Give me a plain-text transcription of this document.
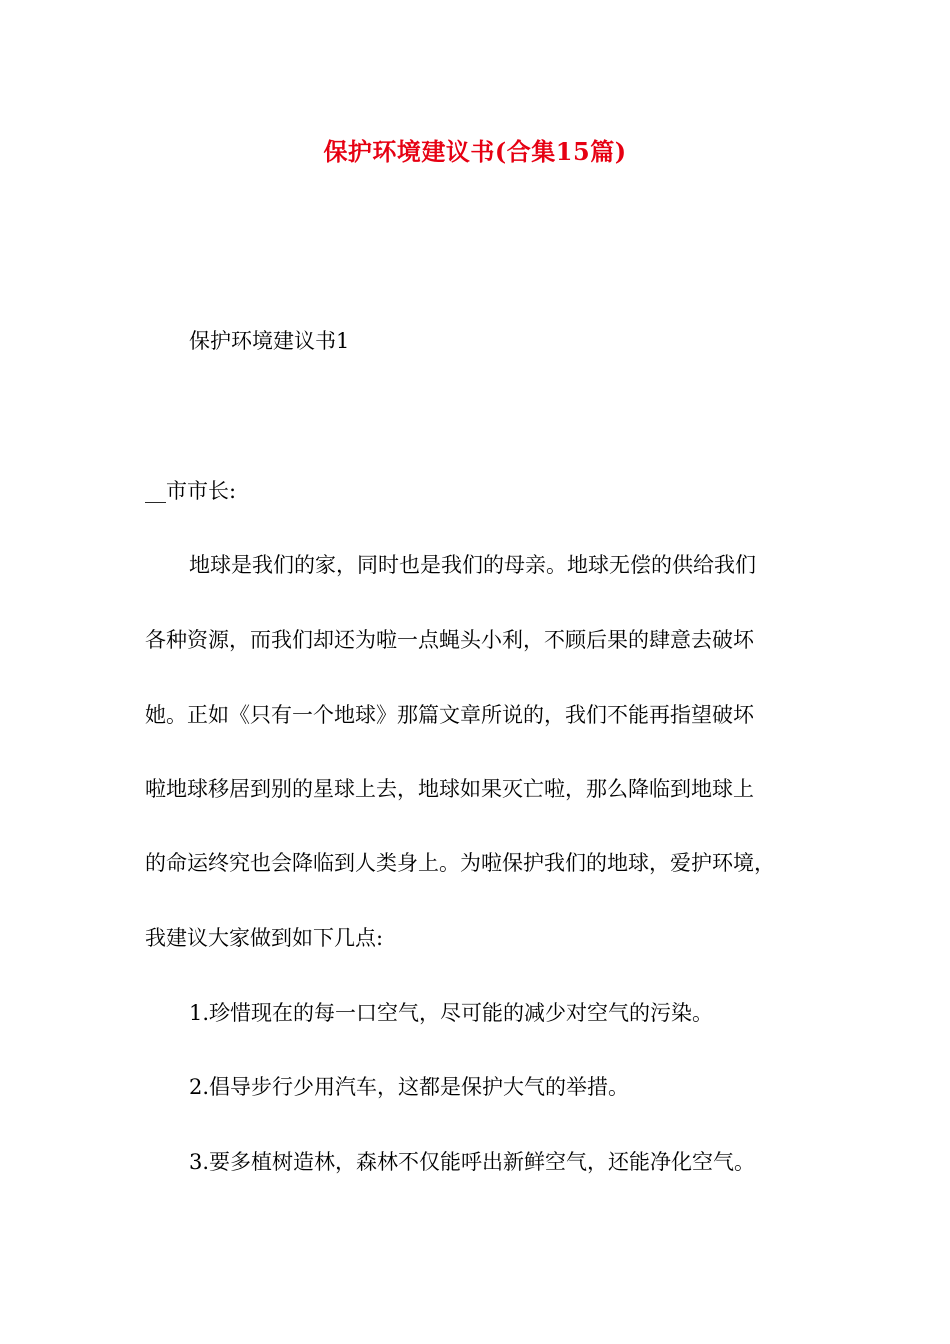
保护环境建议书(合集15篇)
保护环境建议书1
__市市长:
地球是我们的家，同时也是我们的母亲。地球无偿的供给我们
各种资源，而我们却还为啦一点蝇头小利，不顾后果的肆意去破坏
她。正如《只有一个地球》那篇文章所说的，我们不能再指望破坏
啦地球移居到别的星球上去，地球如果灭亡啦，那么降临到地球上
的命运终究也会降临到人类身上。为啦保护我们的地球，爱护环境，
我建议大家做到如下几点:
1.珍惜现在的每一口空气，尽可能的减少对空气的污染。
2.倡导步行少用汽车，这都是保护大气的举措。
3.要多植树造林，森林不仅能呼出新鲜空气，还能净化空气。
